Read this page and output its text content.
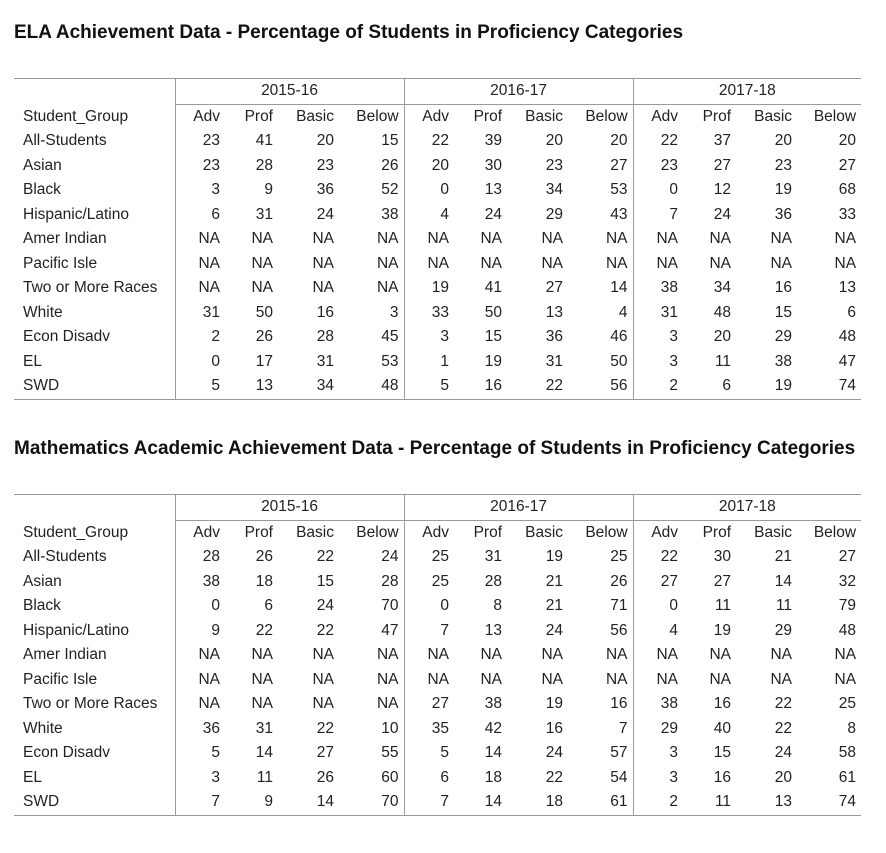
ELA Achievement Data - Percentage of Students in Proficiency Categories
	2015-16				2016-17				2017-18			
Student_Group	Adv	Prof	Basic	Below	Adv	Prof	Basic	Below	Adv	Prof	Basic	Below
All-Students	23	41	20	15	22	39	20	20	22	37	20	20
Asian	23	28	23	26	20	30	23	27	23	27	23	27
Black	3	9	36	52	0	13	34	53	0	12	19	68
Hispanic/Latino	6	31	24	38	4	24	29	43	7	24	36	33
Amer Indian	NA	NA	NA	NA	NA	NA	NA	NA	NA	NA	NA	NA
Pacific Isle	NA	NA	NA	NA	NA	NA	NA	NA	NA	NA	NA	NA
Two or More Races	NA	NA	NA	NA	19	41	27	14	38	34	16	13
White	31	50	16	3	33	50	13	4	31	48	15	6
Econ Disadv	2	26	28	45	3	15	36	46	3	20	29	48
EL	0	17	31	53	1	19	31	50	3	11	38	47
SWD	5	13	34	48	5	16	22	56	2	6	19	74
Mathematics Academic Achievement Data - Percentage of Students in Proficiency Categories
	2015-16				2016-17				2017-18			
Student_Group	Adv	Prof	Basic	Below	Adv	Prof	Basic	Below	Adv	Prof	Basic	Below
All-Students	28	26	22	24	25	31	19	25	22	30	21	27
Asian	38	18	15	28	25	28	21	26	27	27	14	32
Black	0	6	24	70	0	8	21	71	0	11	11	79
Hispanic/Latino	9	22	22	47	7	13	24	56	4	19	29	48
Amer Indian	NA	NA	NA	NA	NA	NA	NA	NA	NA	NA	NA	NA
Pacific Isle	NA	NA	NA	NA	NA	NA	NA	NA	NA	NA	NA	NA
Two or More Races	NA	NA	NA	NA	27	38	19	16	38	16	22	25
White	36	31	22	10	35	42	16	7	29	40	22	8
Econ Disadv	5	14	27	55	5	14	24	57	3	15	24	58
EL	3	11	26	60	6	18	22	54	3	16	20	61
SWD	7	9	14	70	7	14	18	61	2	11	13	74
